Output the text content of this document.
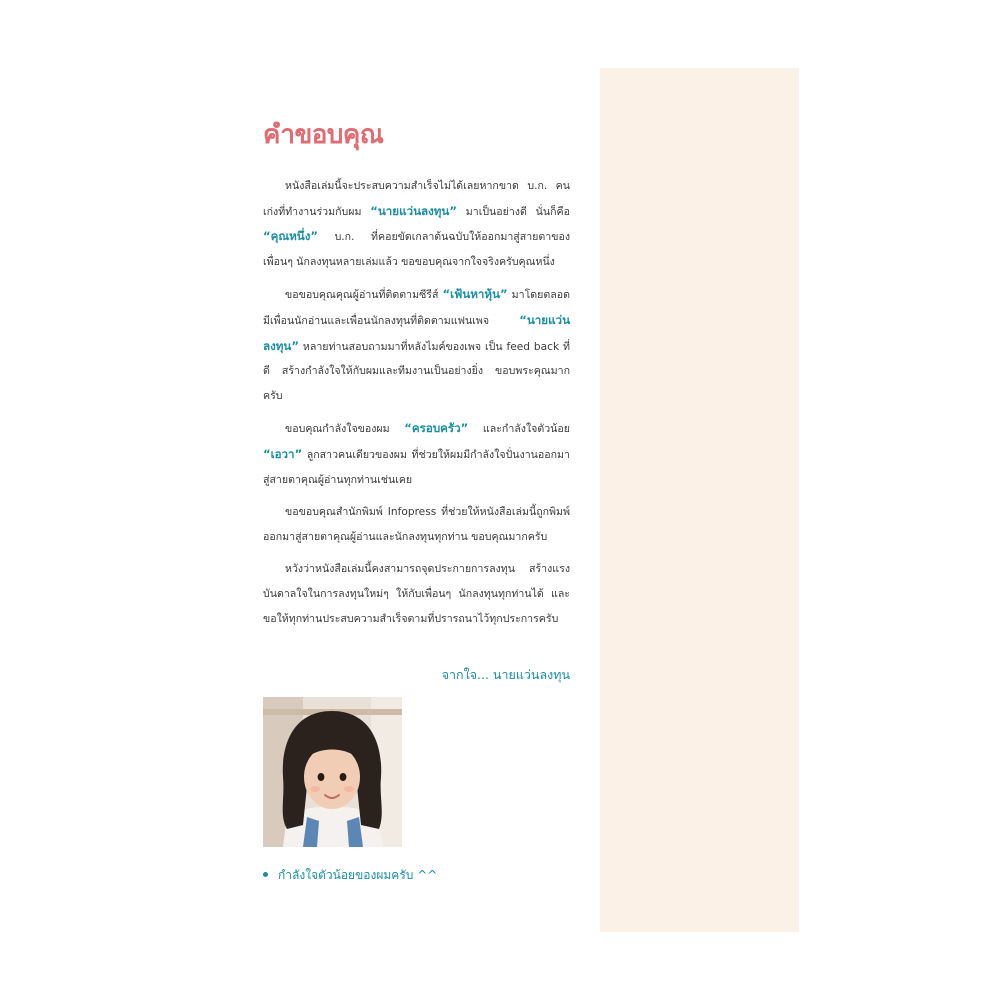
คำขอบคุณ

หนังสือเล่มนี้จะประสบความสำเร็จไม่ได้เลยหากขาด บ.ก. คนเก่งที่ทำงานร่วมกับผม “นายแว่นลงทุน” มาเป็นอย่างดี นั่นก็คือ “คุณหนึ่ง” บ.ก. ที่คอยขัดเกลาต้นฉบับให้ออกมาสู่สายตาของเพื่อนๆ นักลงทุนหลายเล่มแล้ว ขอขอบคุณจากใจจริงครับคุณหนึ่ง

ขอขอบคุณคุณผู้อ่านที่ติดตามซีรีส์ “เฟ้นหาหุ้น” มาโดยตลอด มีเพื่อนนักอ่านและเพื่อนนักลงทุนที่ติดตามแฟนเพจ “นายแว่นลงทุน” หลายท่านสอบถามมาที่หลังไมค์ของเพจ เป็น feed back ที่ดี สร้างกำลังใจให้กับผมและทีมงานเป็นอย่างยิ่ง ขอบพระคุณมากครับ

ขอบคุณกำลังใจของผม “ครอบครัว” และกำลังใจตัวน้อย “เอวา” ลูกสาวคนเดียวของผม ที่ช่วยให้ผมมีกำลังใจปั่นงานออกมาสู่สายตาคุณผู้อ่านทุกท่านเช่นเคย

ขอขอบคุณสำนักพิมพ์ Infopress ที่ช่วยให้หนังสือเล่มนี้ถูกพิมพ์ออกมาสู่สายตาคุณผู้อ่านและนักลงทุนทุกท่าน ขอบคุณมากครับ

หวังว่าหนังสือเล่มนี้คงสามารถจุดประกายการลงทุน สร้างแรงบันดาลใจในการลงทุนใหม่ๆ ให้กับเพื่อนๆ นักลงทุนทุกท่านได้ และขอให้ทุกท่านประสบความสำเร็จตามที่ปรารถนาไว้ทุกประการครับ

จากใจ... นายแว่นลงทุน
กำลังใจตัวน้อยของผมครับ ^^
